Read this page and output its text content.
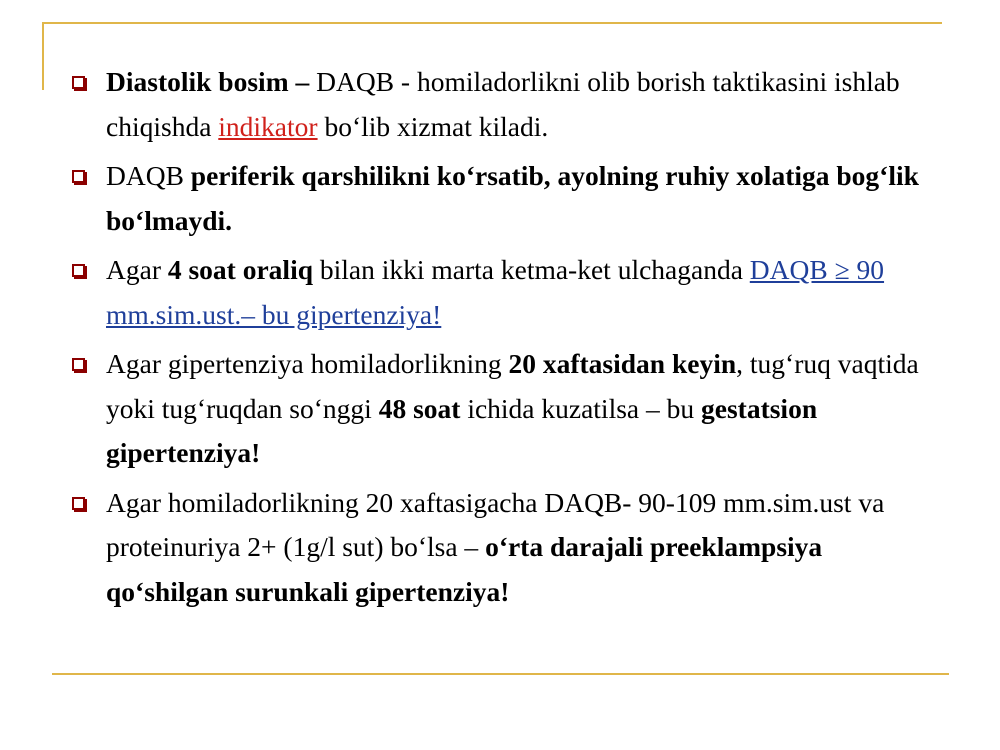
Diastolik bosim – DAQB - homiladorlikni olib borish taktikasini ishlab chiqishda indikator bo‘lib xizmat kiladi.
DAQB periferik qarshilikni ko‘rsatib, ayolning ruhiy xolatiga bog‘lik bo‘lmaydi.
Agar 4 soat oraliq bilan ikki marta ketma-ket ulchaganda DAQB ≥ 90 mm.sim.ust.– bu gipertenziya!
Agar gipertenziya homiladorlikning 20 xaftasidan keyin, tug‘ruq vaqtida yoki tug‘ruqdan so‘nggi 48 soat ichida kuzatilsa – bu gestatsion gipertenziya!
Agar homiladorlikning 20 xaftasigacha DAQB- 90-109 mm.sim.ust va proteinuriya 2+ (1g/l sut) bo‘lsa – o‘rta darajali preeklampsiya qo‘shilgan surunkali gipertenziya!
